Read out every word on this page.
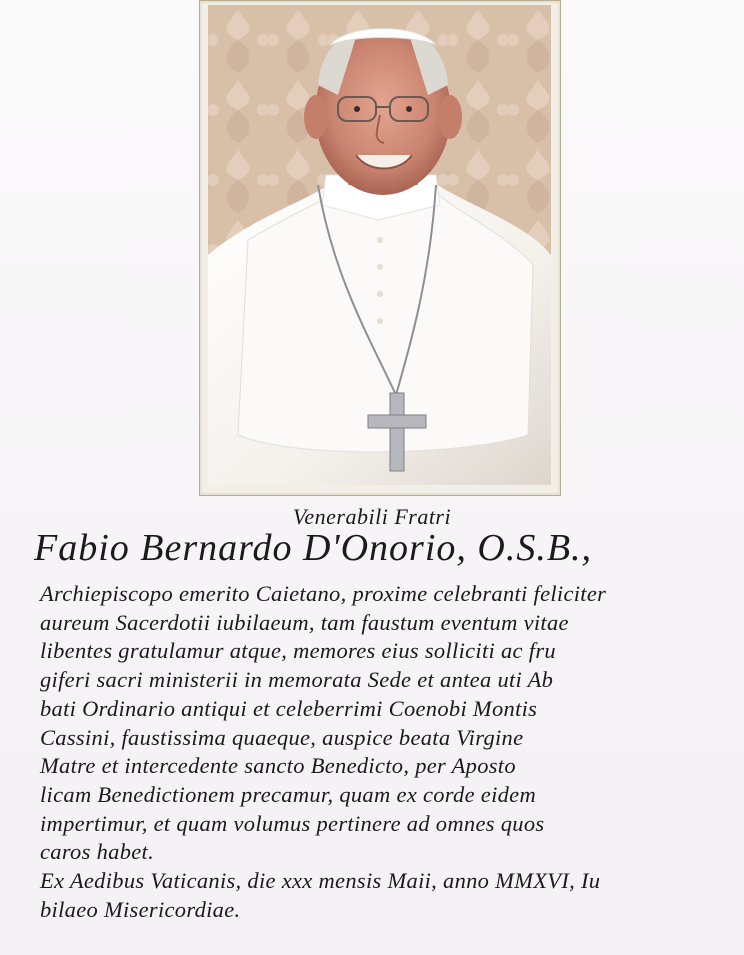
Venerabili Fratri
Fabio Bernardo D'Onorio, O.S.B.,
Archiepiscopo emerito Caietano, proxime celebranti feliciter
aureum Sacerdotii iubilaeum, tam faustum eventum vitae
libentes gratulamur atque, memores eius solliciti ac fru
giferi sacri ministerii in memorata Sede et antea uti Ab
bati Ordinario antiqui et celeberrimi Coenobi Montis
Cassini, faustissima quaeque, auspice beata Virgine
Matre et intercedente sancto Benedicto, per Aposto
licam Benedictionem precamur, quam ex corde eidem
impertimur, et quam volumus pertinere ad omnes quos
caros habet.
Ex Aedibus Vaticanis, die xxx mensis Maii, anno MMXVI, Iu
bilaeo Misericordiae.
